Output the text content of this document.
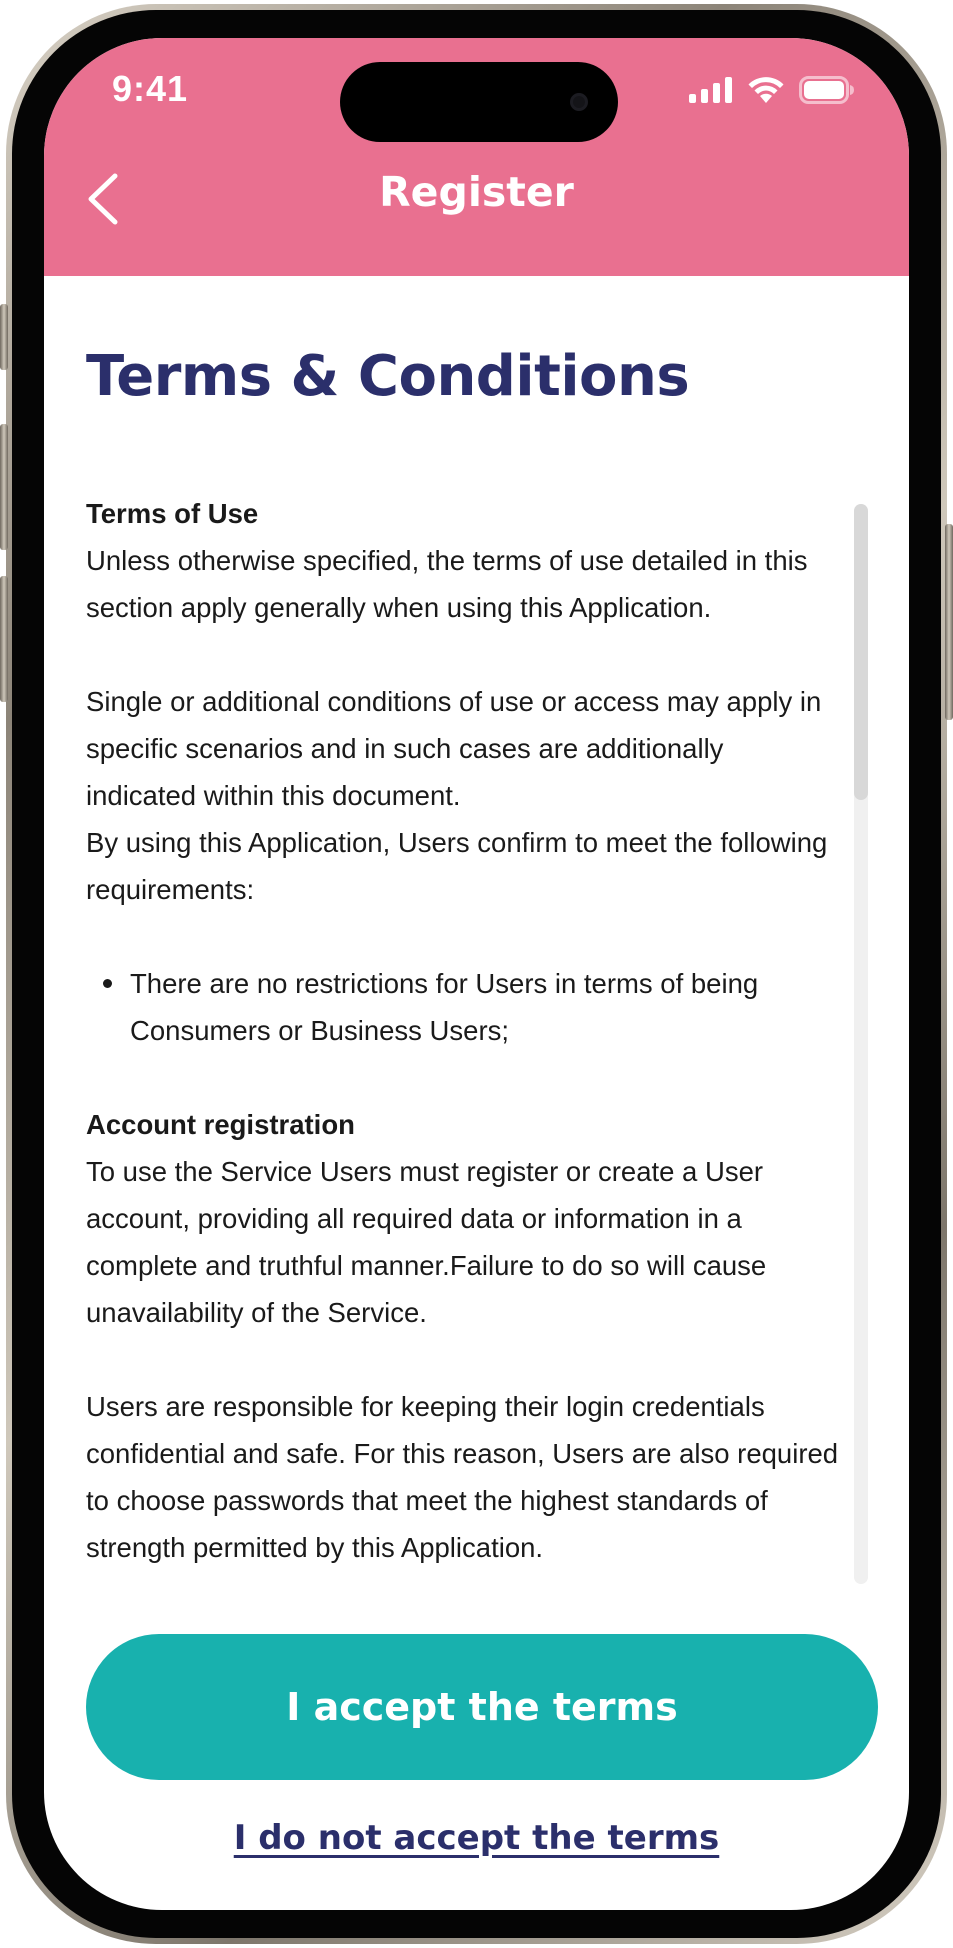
9:41
Register
Terms & Conditions
Terms of Use

Unless otherwise specified, the terms of use detailed in this section apply generally when using this Application.

Single or additional conditions of use or access may apply in specific scenarios and in such cases are additionally indicated within this document.

By using this Application, Users confirm to meet the following requirements:

There are no restrictions for Users in terms of being Consumers or Business Users;
Account registration

To use the Service Users must register or create a User account, providing all required data or information in a complete and truthful manner.Failure to do so will cause unavailability of the Service.

Users are responsible for keeping their login credentials confidential and safe. For this reason, Users are also required to choose passwords that meet the highest standards of strength permitted by this Application.

I accept the terms
I do not accept the terms
